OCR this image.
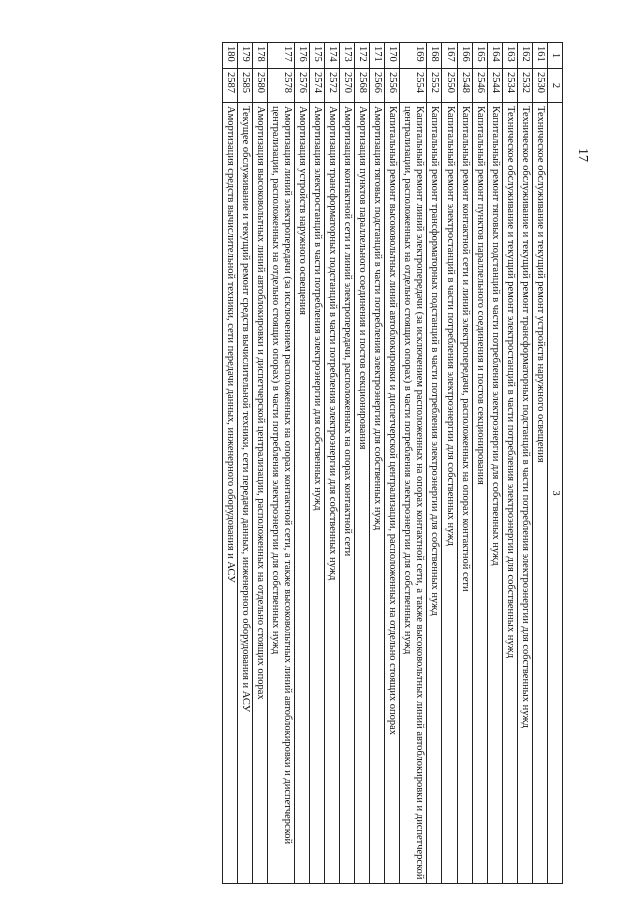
17
1	2	3
161	2530	Техническое обслуживание и текущий ремонт устройств наружного освещения
162	2532	Техническое обслуживание и текущий ремонт трансформаторных подстанций в части потребления электроэнергии для собственных нужд
163	2534	Техническое обслуживание и текущий ремонт электростанций в части потребления электроэнергии для собственных нужд
164	2544	Капитальный ремонт тяговых подстанций в части потребления электроэнергии для собственных нужд
165	2546	Капитальный ремонт пунктов параллельного соединения и постов секционирования
166	2548	Капитальный ремонт контактной сети и линий электропередачи, расположенных на опорах контактной сети
167	2550	Капитальный ремонт электростанций в части потребления электроэнергии для собственных нужд
168	2552	Капитальный ремонт трансформаторных подстанций в части потребления электроэнергии для собственных нужд
169	2554	Капитальный ремонт линий электропередачи (за исключением расположенных на опорах контактной сети, а также высоковольтных линий автоблокировки и диспетчерской централизации, расположенных на отдельно стоящих опорах) в части потребления электроэнергии для собственных нужд
170	2556	Капитальный ремонт высоковольтных линий автоблокировки и диспетчерской централизации, расположенных на отдельно стоящих опорах
171	2566	Амортизация тяговых подстанций в части потребления электроэнергии для собственных нужд
172	2568	Амортизация пунктов параллельного соединения и постов секционирования
173	2570	Амортизация контактной сети и линий электропередачи, расположенных на опорах контактной сети
174	2572	Амортизация трансформаторных подстанций в части потребления электроэнергии для собственных нужд
175	2574	Амортизация электростанций в части потребления электроэнергии для собственных нужд
176	2576	Амортизация устройств наружного освещения
177	2578	Амортизация линий электропередачи (за исключением расположенных на опорах контактной сети, а также высоковольтных линий автоблокировки и диспетчерской централизации, расположенных на отдельно стоящих опорах) в части потребления электроэнергии для собственных нужд
178	2580	Амортизация высоковольтных линий автоблокировки и диспетчерской централизации, расположенных на отдельно стоящих опорах
179	2585	Текущее обслуживание и текущий ремонт средств вычислительной техники, сети передачи данных, инженерного оборудования и АСУ
180	2587	Амортизация средств вычислительной техники, сети передачи данных, инженерного оборудования и АСУ
